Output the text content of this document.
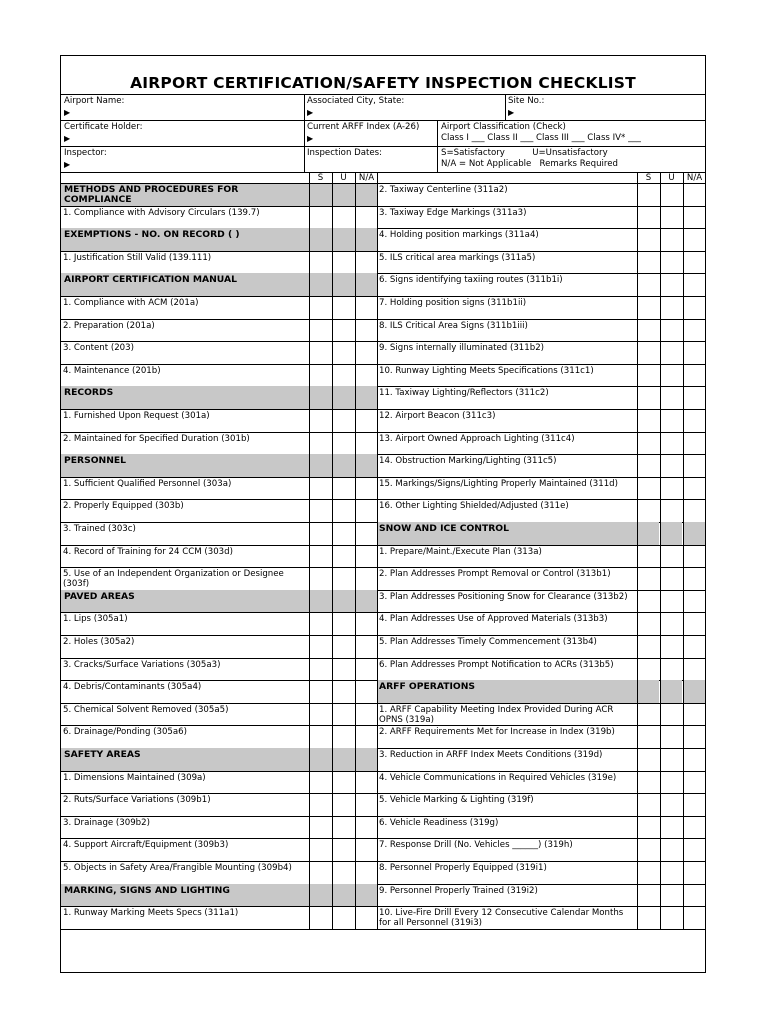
AIRPORT CERTIFICATION/SAFETY INSPECTION CHECKLIST
Airport Name:
▶
Associated City, State:
▶
Site No.:
▶
Certificate Holder:
▶
Current ARFF Index (A-26)
▶
Airport Classification (Check)
Class I ___ Class II ___ Class III ___ Class IV* ___
Inspector:
▶
Inspection Dates:	S=Satisfactory          U=Unsatisfactory
N/A = Not Applicable   Remarks Required
S	U	N/A	S	U	N/A
METHODS AND PROCEDURES FOR COMPLIANCE
1. Compliance with Advisory Circulars (139.7)
EXEMPTIONS - NO. ON RECORD ( )
1. Justification Still Valid (139.111)
AIRPORT CERTIFICATION MANUAL
1. Compliance with ACM (201a)
2. Preparation (201a)
3. Content (203)
4. Maintenance (201b)
RECORDS
1. Furnished Upon Request (301a)
2. Maintained for Specified Duration (301b)
PERSONNEL
1. Sufficient Qualified Personnel (303a)
2. Properly Equipped (303b)
3. Trained (303c)
4. Record of Training for 24 CCM (303d)
5. Use of an Independent Organization or Designee (303f)
PAVED AREAS
1. Lips (305a1)
2. Holes (305a2)
3. Cracks/Surface Variations (305a3)
4. Debris/Contaminants (305a4)
5. Chemical Solvent Removed (305a5)
6. Drainage/Ponding (305a6)
SAFETY AREAS
1. Dimensions Maintained (309a)
2. Ruts/Surface Variations (309b1)
3. Drainage (309b2)
4. Support Aircraft/Equipment (309b3)
5. Objects in Safety Area/Frangible Mounting (309b4)
MARKING, SIGNS AND LIGHTING
1. Runway Marking Meets Specs (311a1)
2. Taxiway Centerline (311a2)
3. Taxiway Edge Markings (311a3)
4. Holding position markings (311a4)
5. ILS critical area markings (311a5)
6. Signs identifying taxiing routes (311b1i)
7. Holding position signs (311b1ii)
8. ILS Critical Area Signs (311b1iii)
9. Signs internally illuminated (311b2)
10. Runway Lighting Meets Specifications (311c1)
11. Taxiway Lighting/Reflectors (311c2)
12. Airport Beacon (311c3)
13. Airport Owned Approach Lighting (311c4)
14. Obstruction Marking/Lighting (311c5)
15. Markings/Signs/Lighting Properly Maintained (311d)
16. Other Lighting Shielded/Adjusted (311e)
SNOW AND ICE CONTROL
1. Prepare/Maint./Execute Plan (313a)
2. Plan Addresses Prompt Removal or Control (313b1)
3. Plan Addresses Positioning Snow for Clearance (313b2)
4. Plan Addresses Use of Approved Materials (313b3)
5. Plan Addresses Timely Commencement (313b4)
6. Plan Addresses Prompt Notification to ACRs (313b5)
ARFF OPERATIONS
1. ARFF Capability Meeting Index Provided During ACR OPNS (319a)
2. ARFF Requirements Met for Increase in Index (319b)
3. Reduction in ARFF Index Meets Conditions (319d)
4. Vehicle Communications in Required Vehicles (319e)
5. Vehicle Marking & Lighting (319f)
6. Vehicle Readiness (319g)
7. Response Drill (No. Vehicles ______) (319h)
8. Personnel Properly Equipped (319i1)
9. Personnel Properly Trained (319i2)
10. Live-Fire Drill Every 12 Consecutive Calendar Months for all Personnel (319i3)
